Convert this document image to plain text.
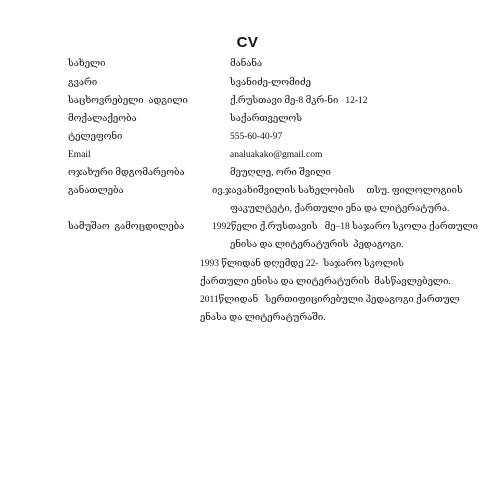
CV
სახელი	მანანა
გვარი	სვანიძე-ლომიძე
საცხოვრებელი  ადგილი	ქ.რუსთავი მე-8 მკრ-ნი   12-12
მოქალაქეობა	საქართველოს
ტელეფონი	555-60-40-97
Email	analuakako@gmail.com
ოჯახური მდგომარეობა	მეუღლე, ორი შვილი
განათლება	ივ.ჯავახიშვილის სახელობის     თსუ. ფილოლოგიის
ფაკულტეტი, ქართული ენა და ლიტერატურა.
სამუშაო  გამოცდილება	1992წელი ქ.რუსთავის   მე–18 საჯარო სკოლა ქართული
ენისა და ლიტერატურის  პედაგოგი.
1993 წლიდან დღემდე 22-  საჯარო სკოლის
ქართული ენისა და ლიტერატურის  მასწავლებელი.
2011წლიდან   სერთიფიცირებული პედაგოგი ქართულ
ენასა და ლიტერატურაში.
